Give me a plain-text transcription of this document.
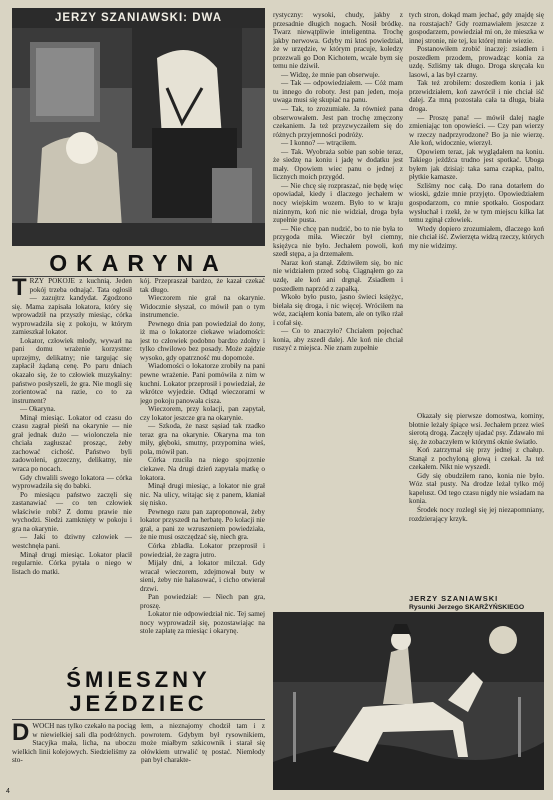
JERZY SZANIAWSKI: DWA
OKARYNA

TRZY POKOJE z kuchnią. Jeden pokój trzeba odnająć. Tata ogłosił — zazujtrz kandydat. Zgodzono się. Mama zapisała lokatora, który się wprowadził na przyszły miesiąc, córka wyprowadziła się z pokoju, w którym zamieszkał lokator.

Lokator, człowiek młody, wywarł na pani domu wrażenie korzystne: uprzejmy, delikatny; nie targując się zapłacił żądaną cenę. Po paru dniach okazało się, że to człowiek muzykalny: państwo posłyszeli, że gra. Nie mogli się zorientować na razie, co to za instrument?

— Okaryna.

Minął miesiąc. Lokator od czasu do czasu zagrał pieśń na okarynie — nie grał jednak dużo — wiolonczela nie chciała zagłuszać prosząc, żeby zachować cichość. Państwo byli zadowoleni, grzeczny, delikatny, nie wraca po nocach.

Gdy chwalili swego lokatora — córka wyprowadziła się do babki.

Po miesiącu państwo zaczęli się zastanawiać — co ten człowiek właściwie robi? Z domu prawie nie wychodzi. Siedzi zamknięty w pokoju i gra na okarynie.

— Jaki to dziwny człowiek — westchnęła pani.

Minął drugi miesiąc. Lokator płacił regularnie. Córka pytała o niego w listach do matki.

kój. Przepraszał bardzo, że kazał czekać tak długo.

Wieczorem nie grał na okarynie. Widocznie słyszał, co mówił pan o tym instrumencie.

Pewnego dnia pan powiedział do żony, iż ma o lokatorze ciekawe wiadomości: jest to człowiek podobno bardzo zdolny i tylko chwilowo bez posady. Może zajdzie wysoko, gdy opatrzność mu dopomoże.

Wiadomości o lokatorze zrobiły na pani pewne wrażenie. Pani pomówiła z nim w kuchni. Lokator przeprosił i powiedział, że wkrótce wyjedzie. Odtąd wieczorami w jego pokoju panowała cisza.

Wieczorem, przy kolacji, pan zapytał, czy lokator jeszcze gra na okarynie.

— Szkoda, że nasz sąsiad tak rzadko teraz gra na okarynie. Okaryna ma ton miły, głęboki, smutny, przypomina wieś, pola, mówił pan.

Córka rzuciła na niego spojrzenie ciekawe. Na drugi dzień zapytała matkę o lokatora.

Minął drugi miesiąc, a lokator nie grał nic. Na ulicy, witając się z panem, kłaniał się nisko.

Pewnego razu pan zaproponował, żeby lokator przyszedł na herbatę. Po kolacji nie grał, a pani ze wzruszeniem powiedziała, że nie musi oszczędzać się, niech gra.

Córka zbladła. Lokator przeprosił i powiedział, że zagra jutro.

Mijały dni, a lokator milczał. Gdy wracał wieczorem, zdejmował buty w sieni, żeby nie hałasować, i cicho otwierał drzwi.

Pan powiedział: — Niech pan gra, proszę.

Lokator nie odpowiedział nic. Tej samej nocy wyprowadził się, pozostawiając na stole zapłatę za miesiąc i okarynę.

rystyczny: wysoki, chudy, jakby z przesadnie długich nogach. Nosił bródkę. Twarz niewątpliwie inteligentna. Trochę jakby nerwowa. Gdyby mi ktoś powiedział, że w urzędzie, w którym pracuje, koledzy przezwali go Don Kichotem, wcale bym się temu nie dziwił.

— Widzę, że mnie pan obserwuje.

— Tak — odpowiedziałem. — Cóż mam tu innego do roboty. Jest pan jeden, moja uwaga musi się skupiać na panu.

— Tak, to zrozumiałe. Ja również pana obserwowałem. Jest pan trochę zmęczony czekaniem. Ja też przyzwyczaiłem się do różnych przyjemności podróży.

— I konno? — wtrąciłem.

— Tak. Wyobraża sobie pan sobie teraz, że siedzę na koniu i jadę w dodatku jest mały. Opowiem wiec panu o jednej z licznych moich przygód.

— Nie chcę się rozpraszać, nie będę więc opowiadał, kiedy i dlaczego jechałem w nocy wiejskim wozem. Było to w kraju nizinnym, koń nic nie widział, droga była zupełnie pusta.

— Nie chcę pan nudzić, bo to nie była to przygoda miła. Wieczór był ciemny, księżyca nie było. Jechałem powoli, koń szedł stępa, a ja drzemałem.

Naraz koń stanął. Zdziwiłem się, bo nic nie widziałem przed sobą. Ciągnąłem go za uzdę, ale koń ani drgnął. Zsiadłem i poszedłem naprzód z zapałką.

Wkoło było pusto, jasno świeci księżyc, bielała się droga, i nic więcej. Wróciłem na wóz, zaciąłem konia batem, ale on tylko rżał i cofał się.

— Co to znaczyło? Chciałem pojechać konia, aby zszedł dalej. Ale koń nie chciał ruszyć z miejsca. Nie znam zupełnie

tych stron, dokąd mam jechać, gdy znajdę się na rozstajach? Gdy rozmawiałem jeszcze z gospodarzem, powiedział mi on, że mieszka w innej stronie, nie tej, ku której mnie wiezie.

Postanowiłem zrobić inaczej: zsiadłem i poszedłem przodem, prowadząc konia za uzdę. Szliśmy tak długo. Droga skręcała ku lasowi, a las był czarny.

Tak też zrobiłem: doszedłem konia i jak przewidziałem, koń zawrócił i nie chciał iść dalej. Za mną pozostała cała ta długa, biała droga.

— Proszę pana! — mówił dalej nagle zmieniając ton opowieści. — Czy pan wierzy w rzeczy nadprzyrodzone? Bo ja nie wierzę. Ale koń, widocznie, wierzył.

Opowiem teraz, jak wyglądałem na koniu. Takiego jeźdźca trudno jest spotkać. Uboga byłem jak dzisiaj: taka sama czapka, palto, płytkie kamasze.

Szliśmy noc całą. Do rana dotarłem do wioski, gdzie mnie przyjęto. Opowiedziałem gospodarzom, co mnie spotkało. Gospodarz wysłuchał i rzekł, że w tym miejscu kilka lat temu zginął człowiek.

Wtedy dopiero zrozumiałem, dlaczego koń nie chciał iść. Zwierzęta widzą rzeczy, których my nie widzimy.

Okazały się pierwsze domostwa, kominy, błotnie leżały śpiące wsi. Jechałem przez wieś sierotą drogą. Zaczęły ujadać psy. Zdawało mi się, że zobaczyłem w którymś oknie światło.

Koń zatrzymał się przy jednej z chałup. Stanął z pochyloną głową i czekał. Ja też czekałem. Nikt nie wyszedł.

Gdy się obudziłem rano, konia nie było. Wóz stał pusty. Na drodze leżał tylko mój kapelusz. Od tego czasu nigdy nie wsiadam na konia.

Środek nocy rozległ się jej niezapomniany, rozdzierający krzyk.

JERZY SZANIAWSKI
Rysunki Jerzego SKARŻYŃSKIEGO
ŚMIESZNY JEŹDZIEC

DWOCH nas tylko czekało na pociąg w niewielkiej sali dla podróżnych. Stacyjka mała, licha, na uboczu wielkich linii kolejowych. Siedzieliśmy za sto-

łem, a nieznajomy chodził tam i z powrotem. Gdybym był rysownikiem, może miałbym szkicownik i starał się ołówkiem utrwalić tę postać. Niemłody pan był charakte-

4
